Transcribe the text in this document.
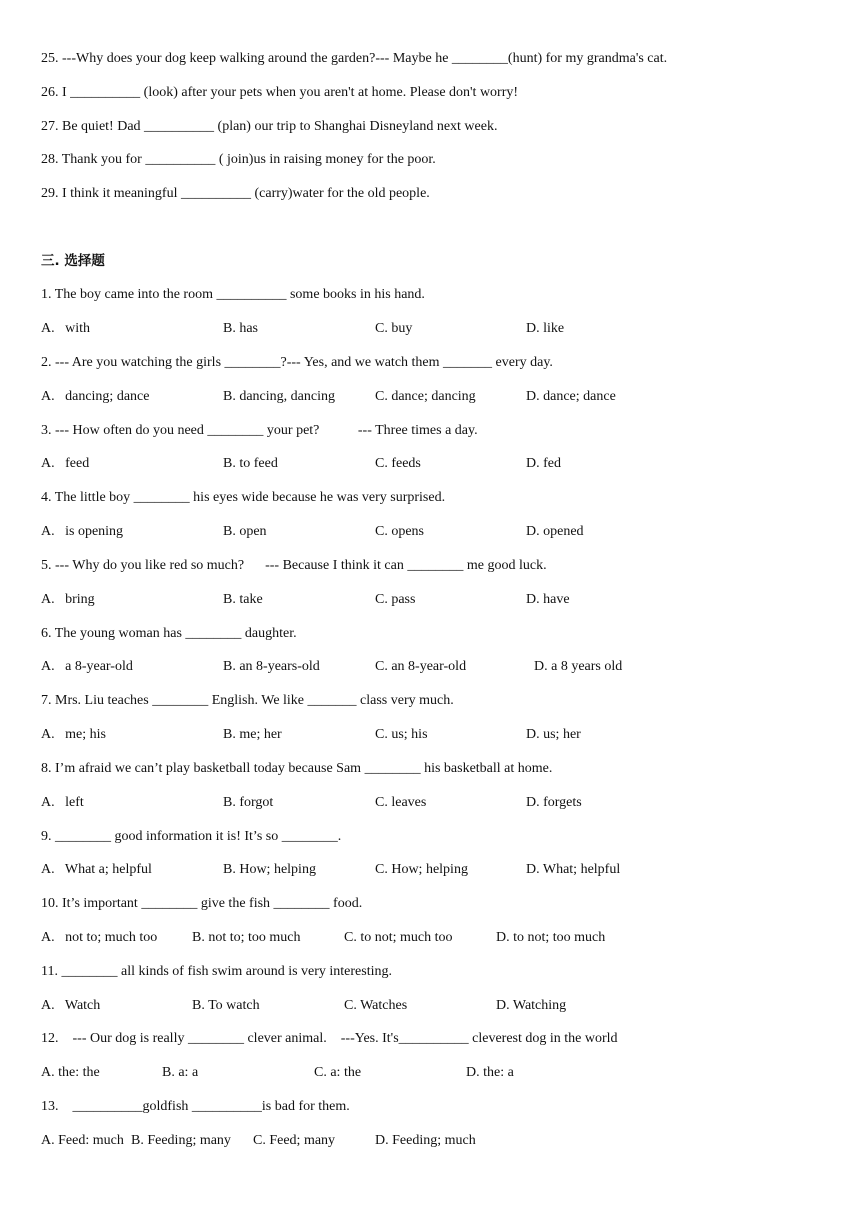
25. ---Why does your dog keep walking around the garden?--- Maybe he ________(hunt) for my grandma's cat.
26. I __________ (look) after your pets when you aren't at home. Please don't worry!
27. Be quiet! Dad __________ (plan) our trip to Shanghai Disneyland next week.
28. Thank you for __________ ( join)us in raising money for the poor.
29. I think it meaningful __________ (carry)water for the old people.
三. 选择题
1. The boy came into the room __________ some books in his hand.
A.   with	B. has	C. buy	D. like
2. --- Are you watching the girls ________?--- Yes, and we watch them _______ every day.
A.   dancing; dance	B. dancing, dancing	C. dance; dancing	D. dance; dance
3. --- How often do you need ________ your pet?           --- Three times a day.
A.   feed	B. to feed	C. feeds	D. fed
4. The little boy ________ his eyes wide because he was very surprised.
A.   is opening	B. open	C. opens	D. opened
5. --- Why do you like red so much?      --- Because I think it can ________ me good luck.
A.   bring	B. take	C. pass	D. have
6. The young woman has ________ daughter.
A.   a 8-year-old	B. an 8-years-old	C. an 8-year-old	D. a 8 years old
7. Mrs. Liu teaches ________ English. We like _______ class very much.
A.   me; his	B. me; her	C. us; his	D. us; her
8. I’m afraid we can’t play basketball today because Sam ________ his basketball at home.
A.   left	B. forgot	C. leaves	D. forgets
9. ________ good information it is! It’s so ________.
A.   What a; helpful	B. How; helping	C. How; helping	D. What; helpful
10. It’s important ________ give the fish ________ food.
A.   not to; much too B. not to; too much	C. to not; much too	D. to not; too much
11. ________ all kinds of fish swim around is very interesting.
A.   Watch	B. To watch	C. Watches	D. Watching
12.    --- Our dog is really ________ clever animal.    ---Yes. It's__________ cleverest dog in the world
A. the: the	B. a: a	C. a: the	D. the: a
13.    __________goldfish __________is bad for them.
A. Feed: much B. Feeding; many C. Feed; many	D. Feeding; much
